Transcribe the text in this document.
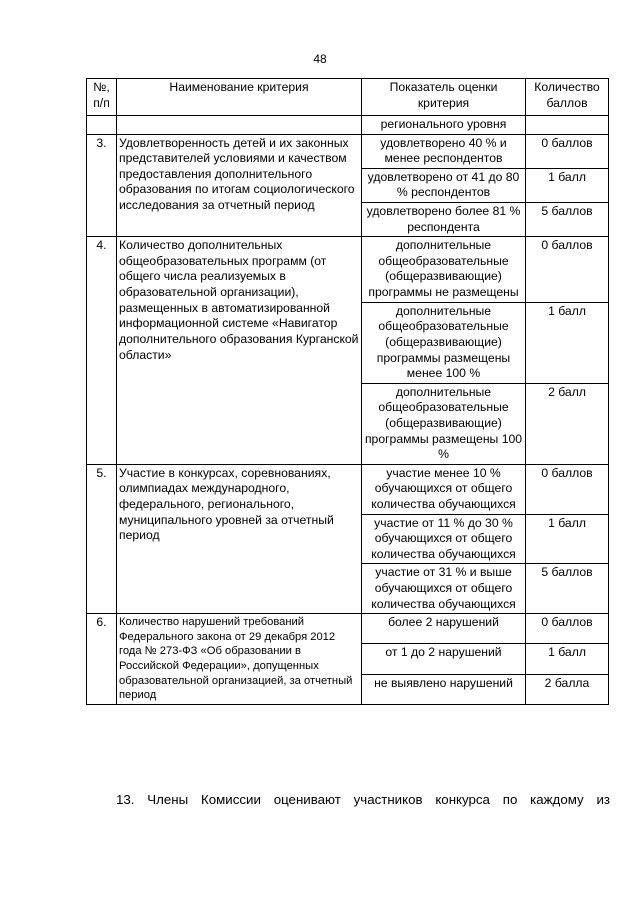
48
№, п/п	Наименование критерия	Показатель оценки критерия	Количество баллов
		регионального уровня	
3.	Удовлетворенность детей и их законных представителей условиями и качеством предоставления дополнительного образования по итогам социологического исследования за отчетный период	удовлетворено 40 % и менее респондентов	0 баллов
		удовлетворено от 41 до 80 % респондентов	1 балл
		удовлетворено более 81 % респондента	5 баллов
4.	Количество дополнительных общеобразовательных программ (от общего числа реализуемых в образовательной организации), размещенных в автоматизированной информационной системе «Навигатор дополнительного образования Курганской области»	дополнительные общеобразовательные (общеразвивающие) программы не размещены	0 баллов
		дополнительные общеобразовательные (общеразвивающие) программы размещены менее 100 %	1 балл
		дополнительные общеобразовательные (общеразвивающие) программы размещены 100 %	2 балл
5.	Участие в конкурсах, соревнованиях, олимпиадах международного, федерального, регионального, муниципального уровней за отчетный период	участие менее 10 % обучающихся от общего количества обучающихся	0 баллов
		участие от 11 % до 30 % обучающихся от общего количества обучающихся	1 балл
		участие от 31 % и выше обучающихся от общего количества обучающихся	5 баллов
6.	Количество нарушений требований Федерального закона от 29 декабря 2012 года № 273-ФЗ «Об образовании в Российской Федерации», допущенных образовательной организацией, за отчетный период	более 2 нарушений	0 баллов
		от 1 до 2 нарушений	1 балл
		не выявлено нарушений	2 балла
13. Члены Комиссии оценивают участников конкурса по каждому из
